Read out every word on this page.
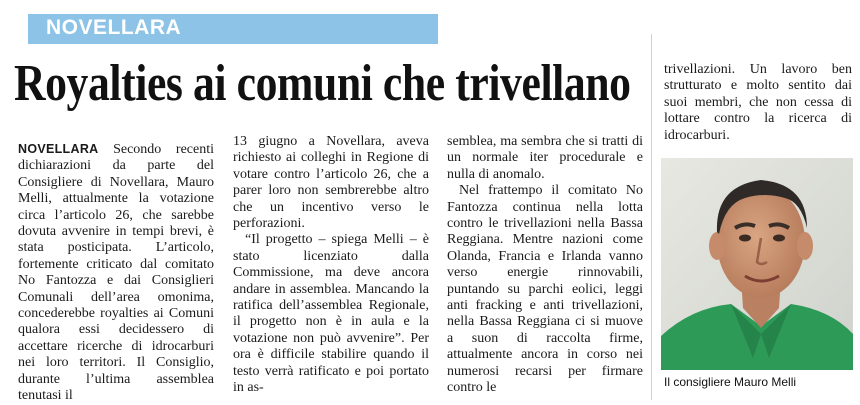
NOVELLARA
Royalties ai comuni che trivellano

NOVELLARA Secondo recenti dichiarazioni da parte del Consigliere di Novellara, Mauro Melli, attualmente la votazione circa l’articolo 26, che sarebbe dovuta avvenire in tempi brevi, è stata posticipata. L’articolo, fortemente criticato dal comitato No Fantozza e dai Consiglieri Comunali dell’area omonima, concederebbe royalties ai Comuni qualora essi decidessero di accettare ricerche di idrocarburi nei loro territori. Il Consiglio, durante l’ultima assemblea tenutasi il

13 giugno a Novellara, aveva richiesto ai colleghi in Regione di votare contro l’articolo 26, che a parer loro non sembrerebbe altro che un incentivo verso le perforazioni.

“Il progetto – spiega Melli – è stato licenziato dalla Commissione, ma deve ancora andare in assemblea. Mancando la ratifica dell’assemblea Regionale, il progetto non è in aula e la votazione non può avvenire”. Per ora è difficile stabilire quando il testo verrà ratificato e poi portato in as-

semblea, ma sembra che si tratti di un normale iter procedurale e nulla di anomalo.

Nel frattempo il comitato No Fantozza continua nella lotta contro le trivellazioni nella Bassa Reggiana. Mentre nazioni come Olanda, Francia e Irlanda vanno verso energie rinnovabili, puntando su parchi eolici, leggi anti fracking e anti trivellazioni, nella Bassa Reggiana ci si muove a suon di raccolta firme, attualmente ancora in corso nei numerosi recarsi per firmare contro le

trivellazioni. Un lavoro ben strutturato e molto sentito dai suoi membri, che non cessa di lottare contro la ricerca di idrocarburi.

Il consigliere Mauro Melli
